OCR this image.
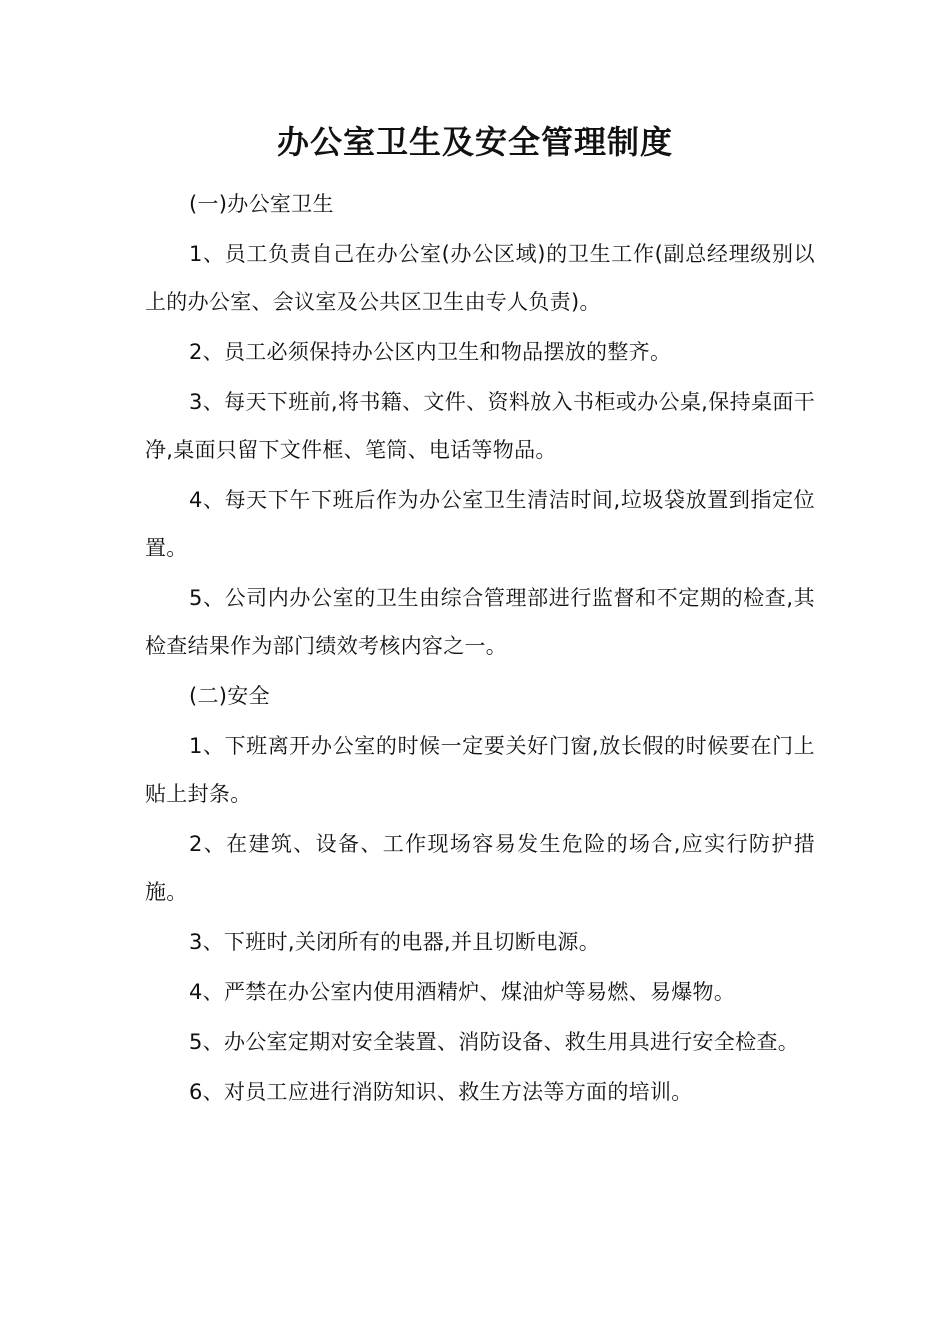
办公室卫生及安全管理制度

(一)办公室卫生

1、员工负责自己在办公室(办公区域)的卫生工作(副总经理级别以上的办公室、会议室及公共区卫生由专人负责)。

2、员工必须保持办公区内卫生和物品摆放的整齐。

3、每天下班前,将书籍、文件、资料放入书柜或办公桌,保持桌面干净,桌面只留下文件框、笔筒、电话等物品。

4、每天下午下班后作为办公室卫生清洁时间,垃圾袋放置到指定位置。

5、公司内办公室的卫生由综合管理部进行监督和不定期的检查,其检查结果作为部门绩效考核内容之一。

(二)安全

1、下班离开办公室的时候一定要关好门窗,放长假的时候要在门上贴上封条。

2、在建筑、设备、工作现场容易发生危险的场合,应实行防护措施。

3、下班时,关闭所有的电器,并且切断电源。

4、严禁在办公室内使用酒精炉、煤油炉等易燃、易爆物。

5、办公室定期对安全装置、消防设备、救生用具进行安全检查。

6、对员工应进行消防知识、救生方法等方面的培训。
